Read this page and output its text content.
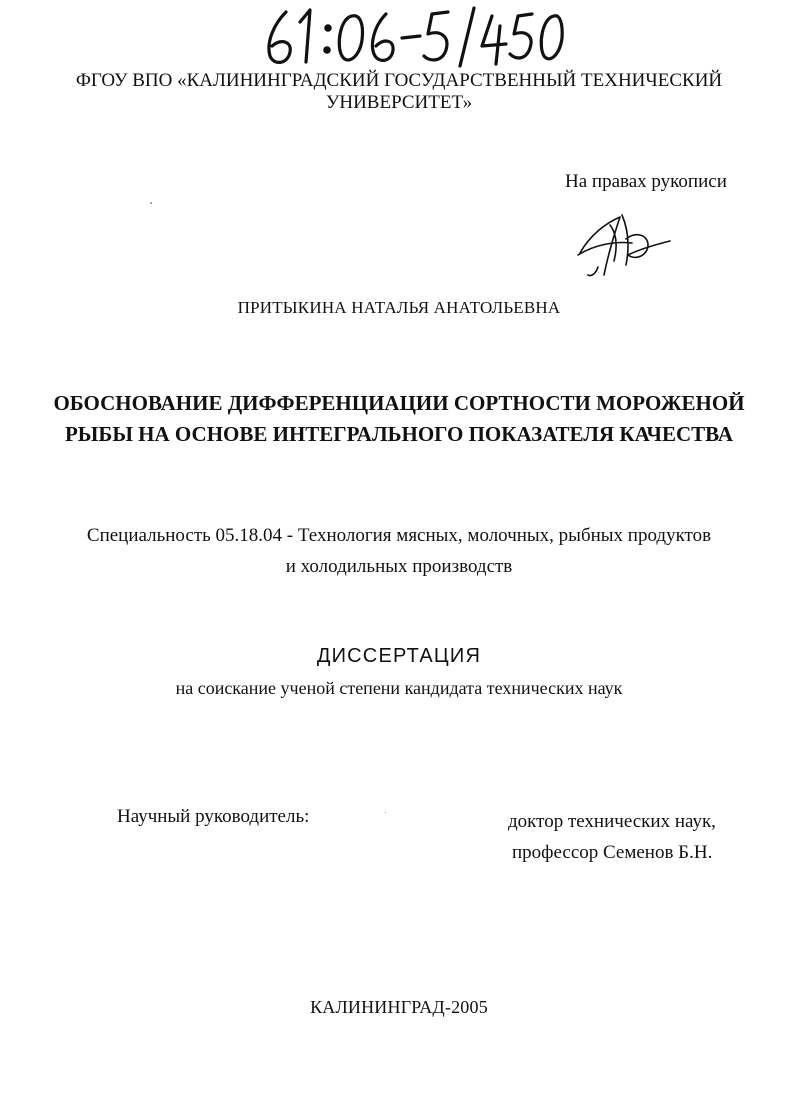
ФГОУ ВПО «КАЛИНИНГРАДСКИЙ ГОСУДАРСТВЕННЫЙ ТЕХНИЧЕСКИЙ
УНИВЕРСИТЕТ»
На правах рукописи
ПРИТЫКИНА НАТАЛЬЯ АНАТОЛЬЕВНА
ОБОСНОВАНИЕ ДИФФЕРЕНЦИАЦИИ СОРТНОСТИ МОРОЖЕНОЙ
РЫБЫ НА ОСНОВЕ ИНТЕГРАЛЬНОГО ПОКАЗАТЕЛЯ КАЧЕСТВА
Специальность 05.18.04 - Технология мясных, молочных, рыбных продуктов
и холодильных производств
ДИССЕРТАЦИЯ
на соискание ученой степени кандидата технических наук
Научный руководитель:	доктор технических наук,
профессор Семенов Б.Н.
КАЛИНИНГРАД-2005
